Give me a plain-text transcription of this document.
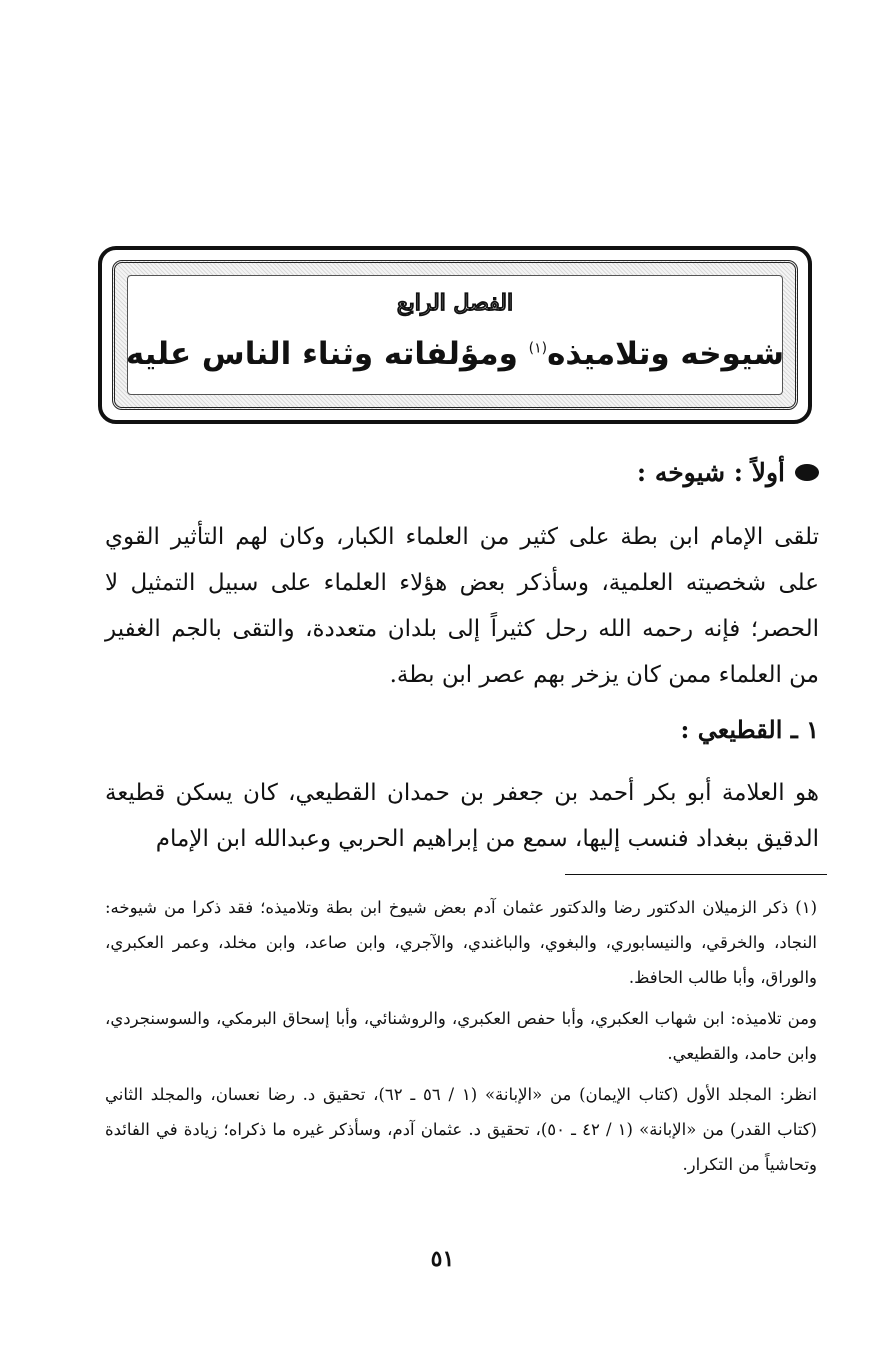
الفصل الرابع
شيوخه وتلاميذه$^{(١)}$ ومؤلفاته وثناء الناس عليه
أولاً : شيوخه :
تلقى الإمام ابن بطة على كثير من العلماء الكبار، وكان لهم التأثير القوي على شخصيته العلمية، وسأذكر بعض هؤلاء العلماء على سبيل التمثيل لا الحصر؛ فإنه رحمه الله رحل كثيراً إلى بلدان متعددة، والتقى بالجم الغفير من العلماء ممن كان يزخر بهم عصر ابن بطة.
١ ـ القطيعي :
هو العلامة أبو بكر أحمد بن جعفر بن حمدان القطيعي، كان يسكن قطيعة الدقيق ببغداد فنسب إليها، سمع من إبراهيم الحربي وعبدالله ابن الإمام

(١) ذكر الزميلان الدكتور رضا والدكتور عثمان آدم بعض شيوخ ابن بطة وتلاميذه؛ فقد ذكرا من شيوخه: النجاد، والخرقي، والنيسابوري، والبغوي، والباغندي، والآجري، وابن صاعد، وابن مخلد، وعمر العكبري، والوراق، وأبا طالب الحافظ.

ومن تلاميذه: ابن شهاب العكبري، وأبا حفص العكبري، والروشنائي، وأبا إسحاق البرمكي، والسوسنجردي، وابن حامد، والقطيعي.

انظر: المجلد الأول (كتاب الإيمان) من «الإبانة» (١ / ٥٦ ـ ٦٢)، تحقيق د. رضا نعسان، والمجلد الثاني (كتاب القدر) من «الإبانة» (١ / ٤٢ ـ ٥٠)، تحقيق د. عثمان آدم، وسأذكر غيره ما ذكراه؛ زيادة في الفائدة وتحاشياً من التكرار.

٥١
